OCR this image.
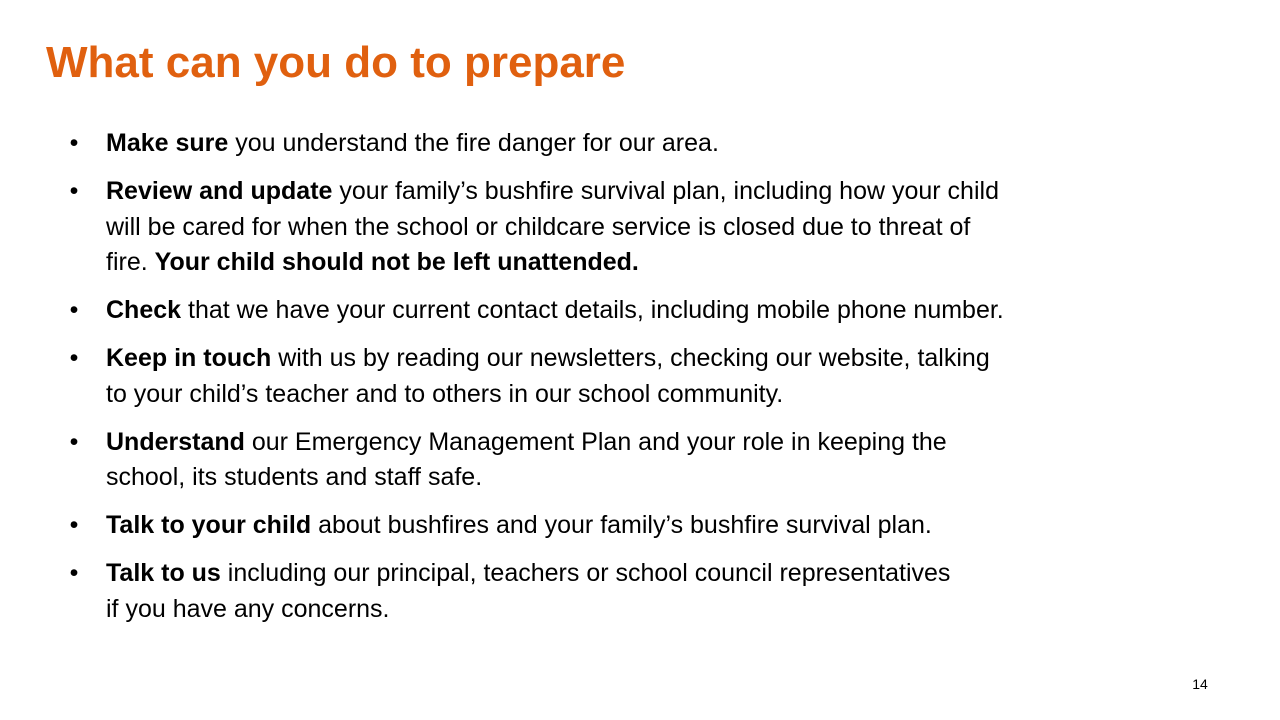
What can you do to prepare
• Make sure you understand the fire danger for our area.
• Review and update your family’s bushfire survival plan, including how your child
will be cared for when the school or childcare service is closed due to threat of
fire. Your child should not be left unattended.
• Check that we have your current contact details, including mobile phone number.
• Keep in touch with us by reading our newsletters, checking our website, talking
to your child’s teacher and to others in our school community.
• Understand our Emergency Management Plan and your role in keeping the
school, its students and staff safe.
• Talk to your child about bushfires and your family’s bushfire survival plan.
• Talk to us including our principal, teachers or school council representatives
if you have any concerns.
14
